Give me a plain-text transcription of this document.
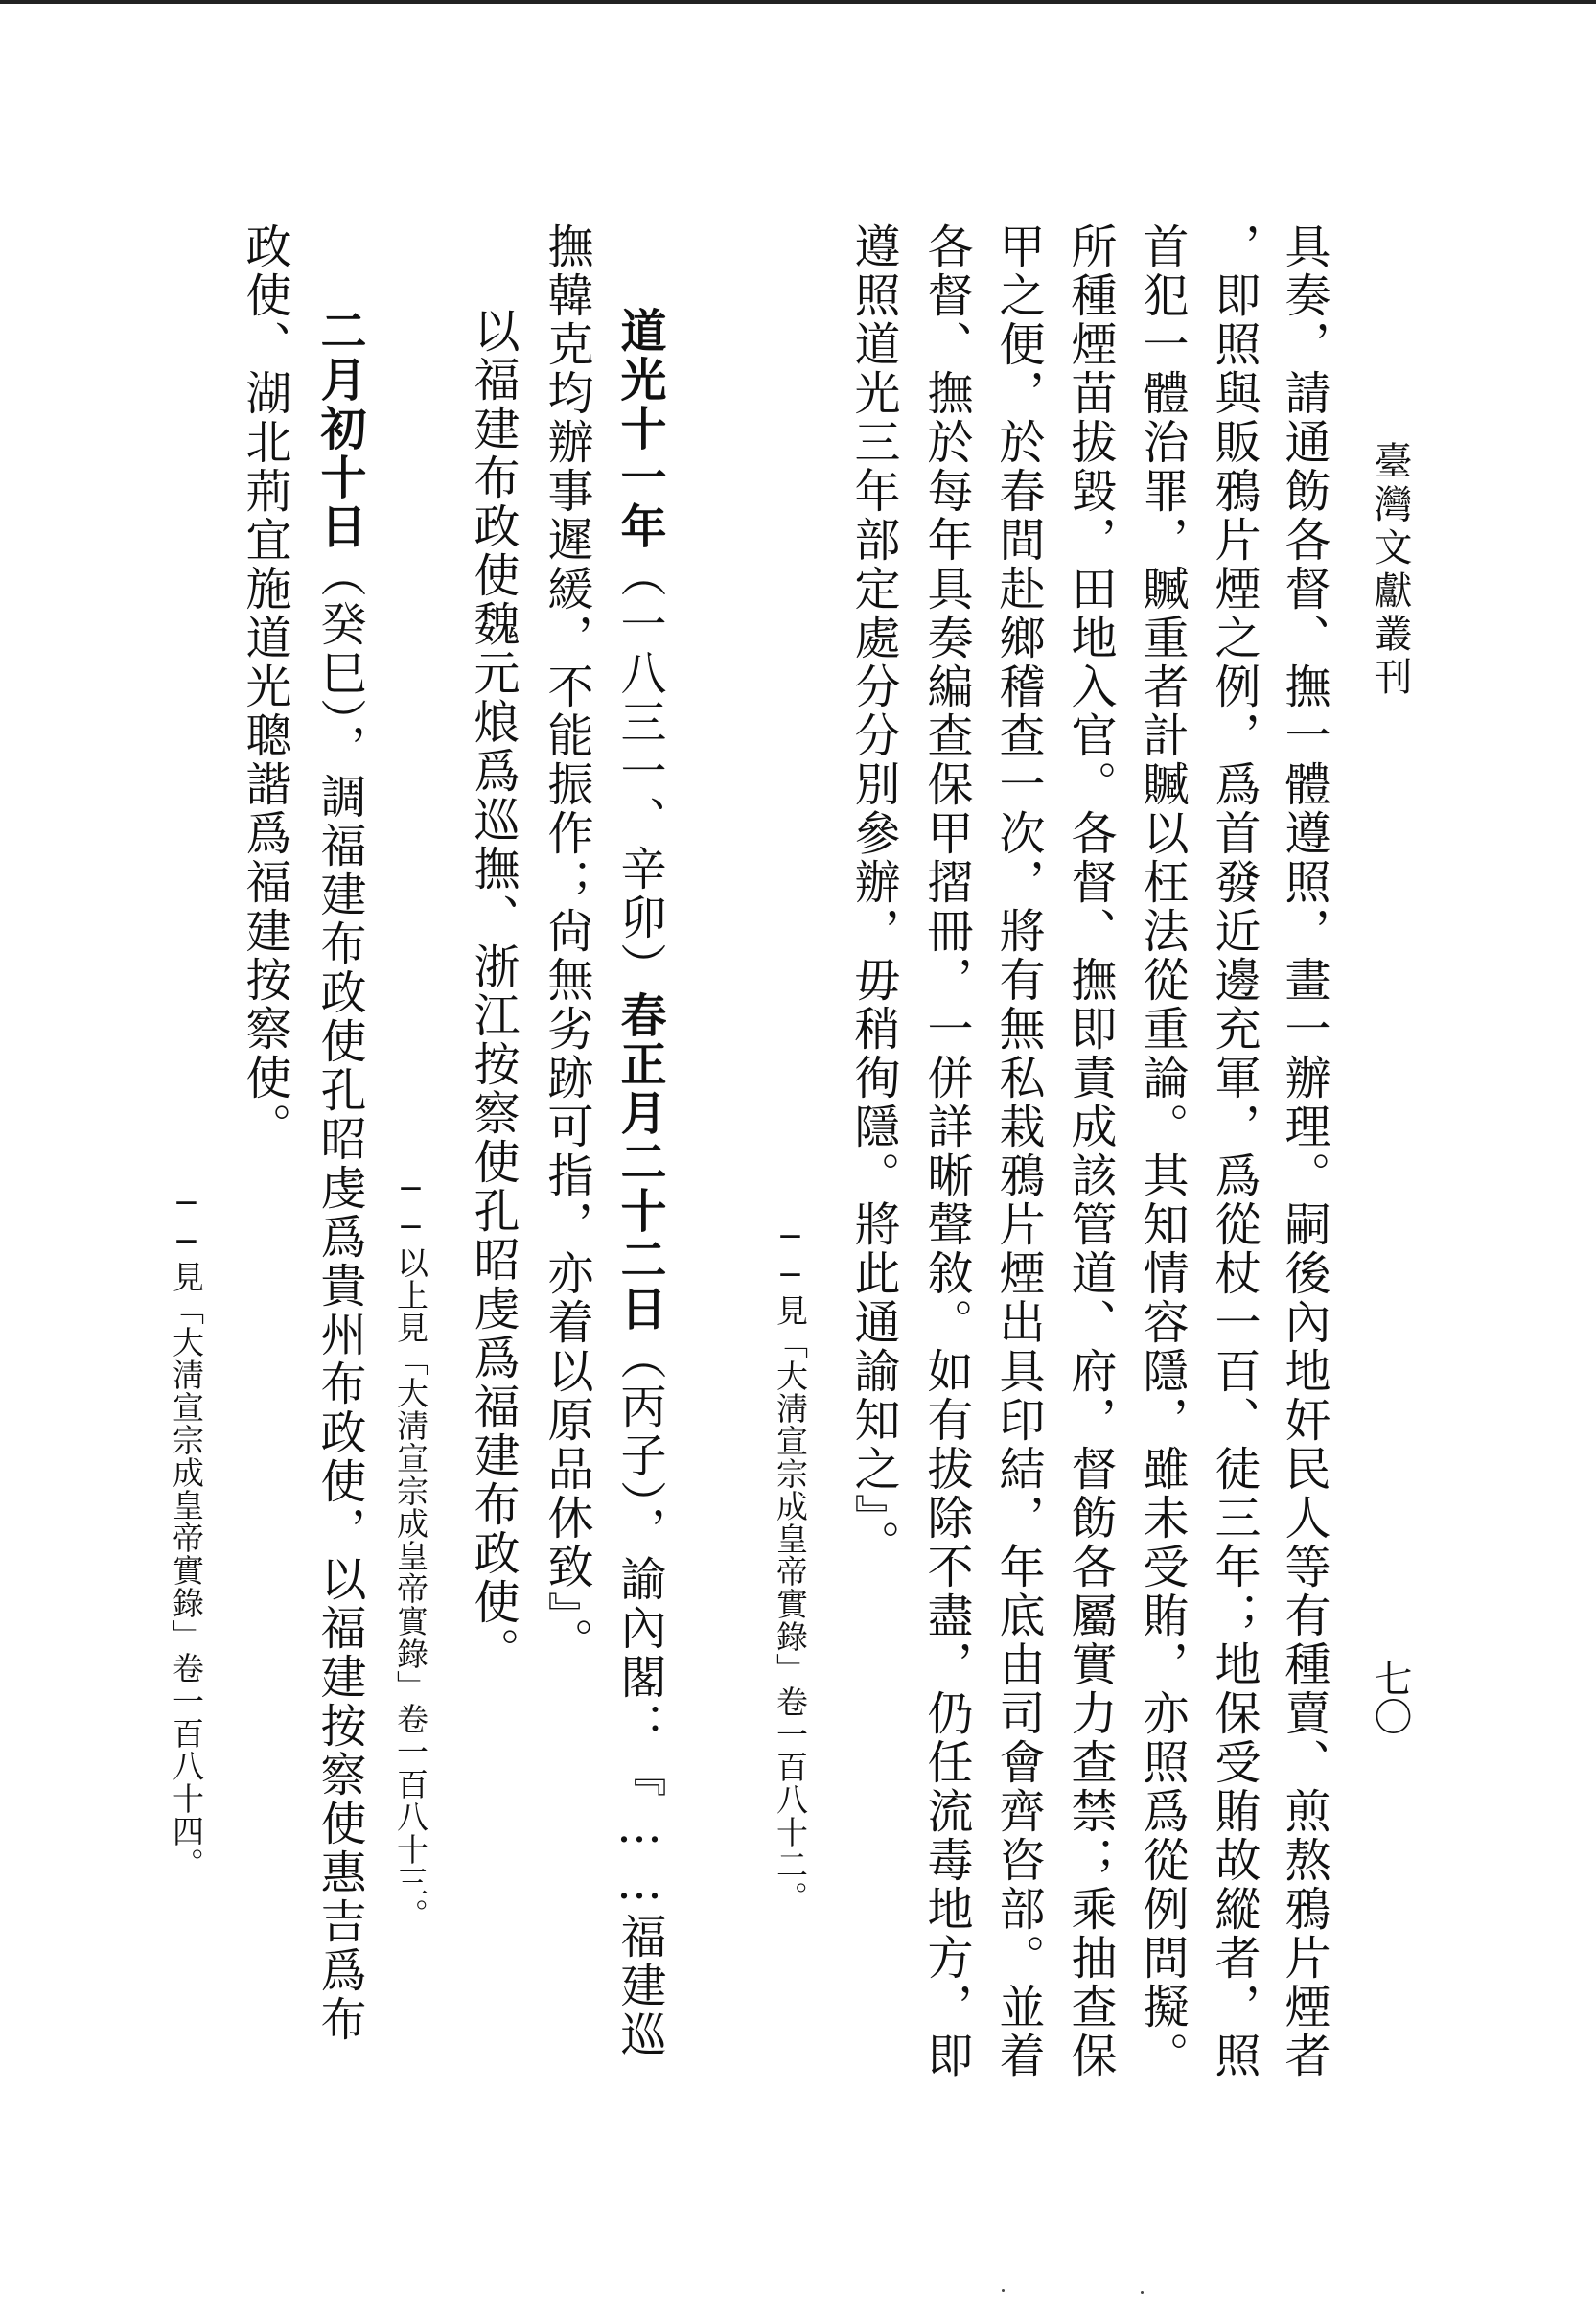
臺灣文獻叢刊
七〇
具奏，請通飭各督、撫一體遵照，畫一辦理。嗣後內地奸民人等有種賣、煎熬鴉片煙者
，即照與販鴉片煙之例，爲首發近邊充軍，爲從杖一百、徒三年；地保受賄故縱者，照
首犯一體治罪，贓重者計贓以枉法從重論。其知情容隱，雖未受賄，亦照爲從例問擬。
所種煙苗拔毀，田地入官。各督、撫即責成該管道、府，督飭各屬實力查禁；乘抽查保
甲之便，於春間赴鄉稽查一次，將有無私栽鴉片煙出具印結，年底由司會齊咨部。並着
各督、撫於每年具奏編查保甲摺冊，一併詳晰聲敘。如有拔除不盡，仍任流毒地方，即
遵照道光三年部定處分分別參辦，毋稍徇隱。將此通諭知之』。
──見「大淸宣宗成皇帝實錄」卷一百八十二。
道光十一年（一八三一、辛卯）春正月二十二日（丙子），諭內閣：『……福建巡
撫韓克均辦事遲緩，不能振作；尙無劣跡可指，亦着以原品休致』。
以福建布政使魏元烺爲巡撫、浙江按察使孔昭虔爲福建布政使。
──以上見「大淸宣宗成皇帝實錄」卷一百八十三。
二月初十日（癸巳），調福建布政使孔昭虔爲貴州布政使，以福建按察使惠吉爲布
政使、湖北荊宜施道光聰諧爲福建按察使。
──見「大淸宣宗成皇帝實錄」卷一百八十四。
